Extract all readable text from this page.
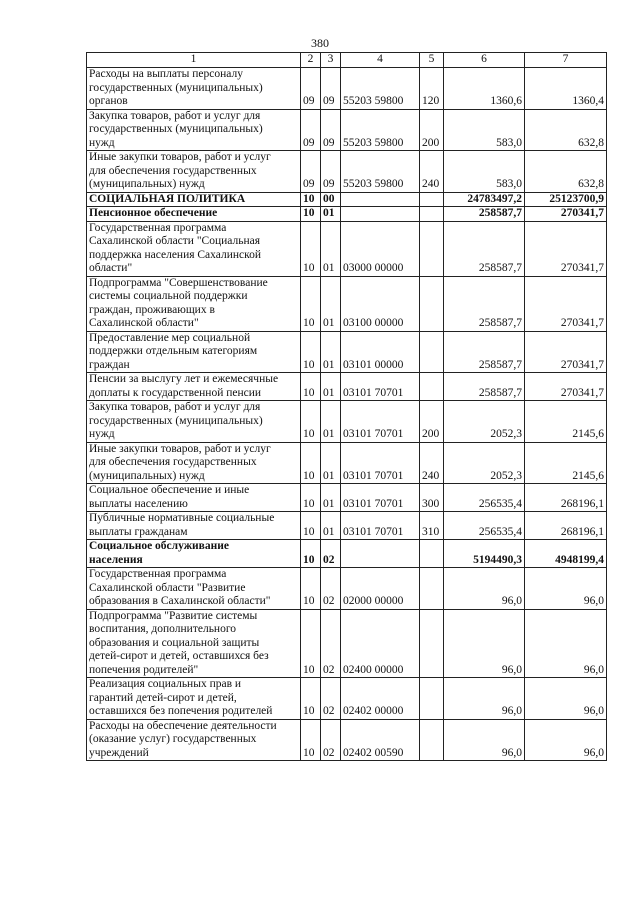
380
1	2	3	4	5	6	7

Расходы на выплаты персоналу
государственных (муниципальных)
органов	09	09	55203 59800	120	1360,6	1360,4

Закупка товаров, работ и услуг для
государственных (муниципальных)
нужд	09	09	55203 59800	200	583,0	632,8

Иные закупки товаров, работ и услуг
для обеспечения государственных
(муниципальных) нужд	09	09	55203 59800	240	583,0	632,8

СОЦИАЛЬНАЯ ПОЛИТИКА	10	00			24783497,2	25123700,9

Пенсионное обеспечение	10	01			258587,7	270341,7

Государственная программа
Сахалинской области "Социальная
поддержка населения Сахалинской
области"	10	01	03000 00000		258587,7	270341,7

Подпрограмма "Совершенствование
системы социальной поддержки
граждан, проживающих в
Сахалинской области"	10	01	03100 00000		258587,7	270341,7

Предоставление мер социальной
поддержки отдельным категориям
граждан	10	01	03101 00000		258587,7	270341,7

Пенсии за выслугу лет и ежемесячные
доплаты к государственной пенсии	10	01	03101 70701		258587,7	270341,7

Закупка товаров, работ и услуг для
государственных (муниципальных)
нужд	10	01	03101 70701	200	2052,3	2145,6

Иные закупки товаров, работ и услуг
для обеспечения государственных
(муниципальных) нужд	10	01	03101 70701	240	2052,3	2145,6

Социальное обеспечение и иные
выплаты населению	10	01	03101 70701	300	256535,4	268196,1

Публичные нормативные социальные
выплаты гражданам	10	01	03101 70701	310	256535,4	268196,1

Социальное обслуживание
населения	10	02			5194490,3	4948199,4

Государственная программа
Сахалинской области "Развитие
образования в Сахалинской области"	10	02	02000 00000		96,0	96,0

Подпрограмма "Развитие системы
воспитания, дополнительного
образования и социальной защиты
детей-сирот и детей, оставшихся без
попечения родителей"	10	02	02400 00000		96,0	96,0

Реализация социальных прав и
гарантий детей-сирот и детей,
оставшихся без попечения родителей	10	02	02402 00000		96,0	96,0

Расходы на обеспечение деятельности
(оказание услуг) государственных
учреждений	10	02	02402 00590		96,0	96,0
